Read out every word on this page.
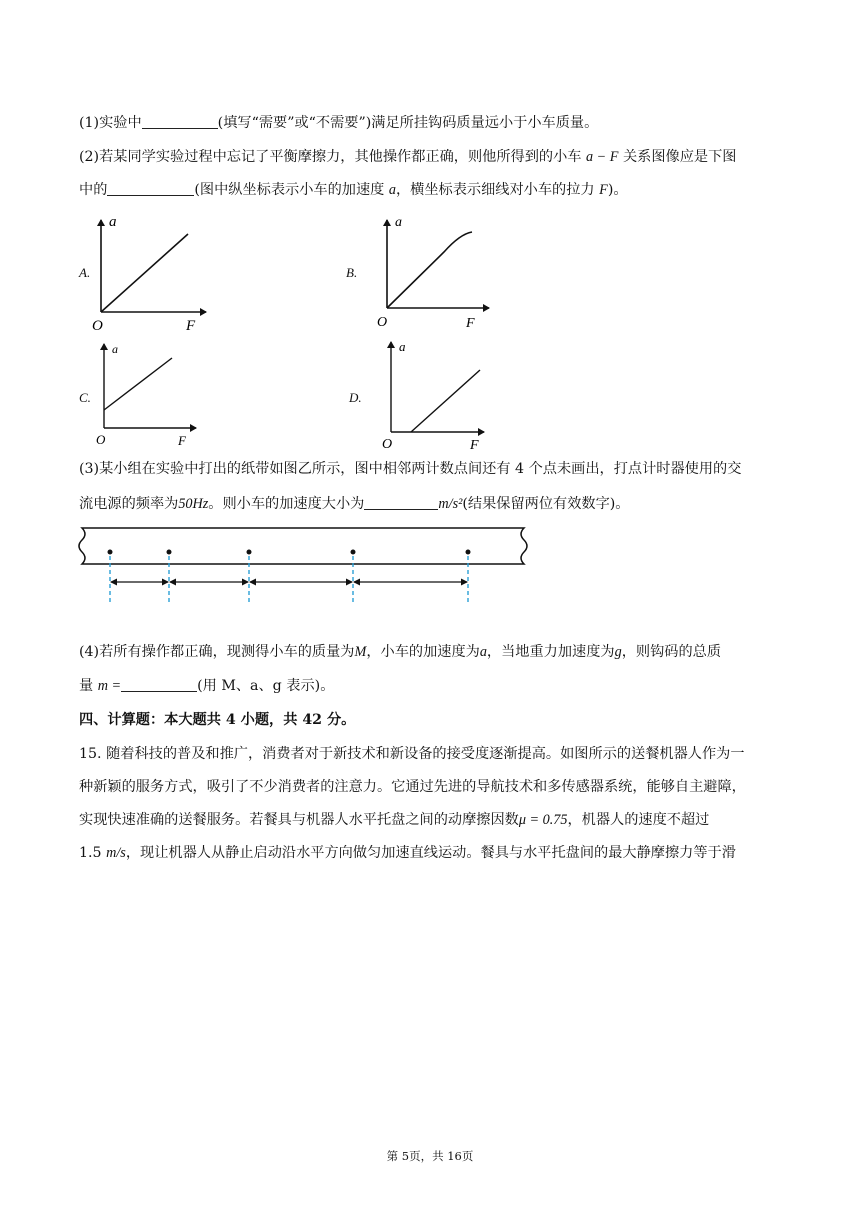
(1)实验中	(填写“需要”或“不需要”)满足所挂钩码质量远小于小车质量。
(2)若某同学实验过程中忘记了平衡摩擦力，其他操作都正确，则他所得到的小车 a − F 关系图像应是下图
中的	(图中纵坐标表示小车的加速度 a，横坐标表示细线对小车的拉力 F)。
A.
a
O	F
B.
a
O	F
C.
a
O	F
D.
a
O	F
(3)某小组在实验中打出的纸带如图乙所示，图中相邻两计数点间还有 4 个点未画出，打点计时器使用的交
流电源的频率为50Hz。则小车的加速度大小为	m/s²(结果保留两位有效数字)。
(4)若所有操作都正确，现测得小车的质量为M，小车的加速度为a，当地重力加速度为g，则钩码的总质
量 m =	(用 M、a、g 表示)。
四、计算题：本大题共 4 小题，共 42 分。
15. 随着科技的普及和推广，消费者对于新技术和新设备的接受度逐渐提高。如图所示的送餐机器人作为一
种新颖的服务方式，吸引了不少消费者的注意力。它通过先进的导航技术和多传感器系统，能够自主避障，
实现快速准确的送餐服务。若餐具与机器人水平托盘之间的动摩擦因数μ = 0.75，机器人的速度不超过
1.5 m/s，现让机器人从静止启动沿水平方向做匀加速直线运动。餐具与水平托盘间的最大静摩擦力等于滑
第 5页，共 16页
